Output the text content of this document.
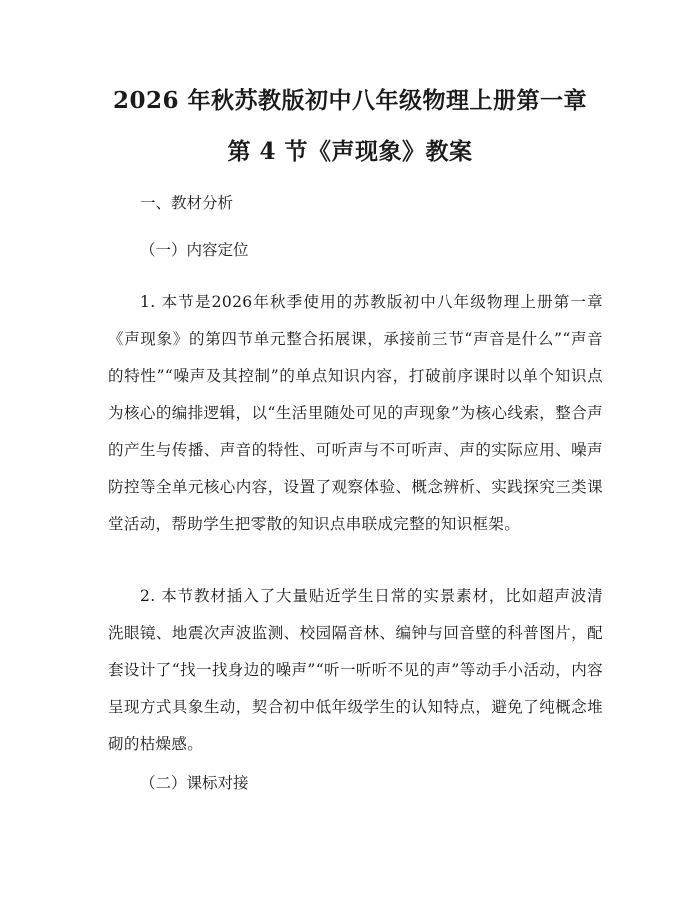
2026 年秋苏教版初中八年级物理上册第一章
第 4 节《声现象》教案
一、教材分析
（一）内容定位

1. 本节是2026年秋季使用的苏教版初中八年级物理上册第一章《声现象》的第四节单元整合拓展课，承接前三节“声音是什么”“声音的特性”“噪声及其控制”的单点知识内容，打破前序课时以单个知识点为核心的编排逻辑，以“生活里随处可见的声现象”为核心线索，整合声的产生与传播、声音的特性、可听声与不可听声、声的实际应用、噪声防控等全单元核心内容，设置了观察体验、概念辨析、实践探究三类课堂活动，帮助学生把零散的知识点串联成完整的知识框架。

2. 本节教材插入了大量贴近学生日常的实景素材，比如超声波清洗眼镜、地震次声波监测、校园隔音林、编钟与回音壁的科普图片，配套设计了“找一找身边的噪声”“听一听听不见的声”等动手小活动，内容呈现方式具象生动，契合初中低年级学生的认知特点，避免了纯概念堆砌的枯燥感。

（二）课标对接
